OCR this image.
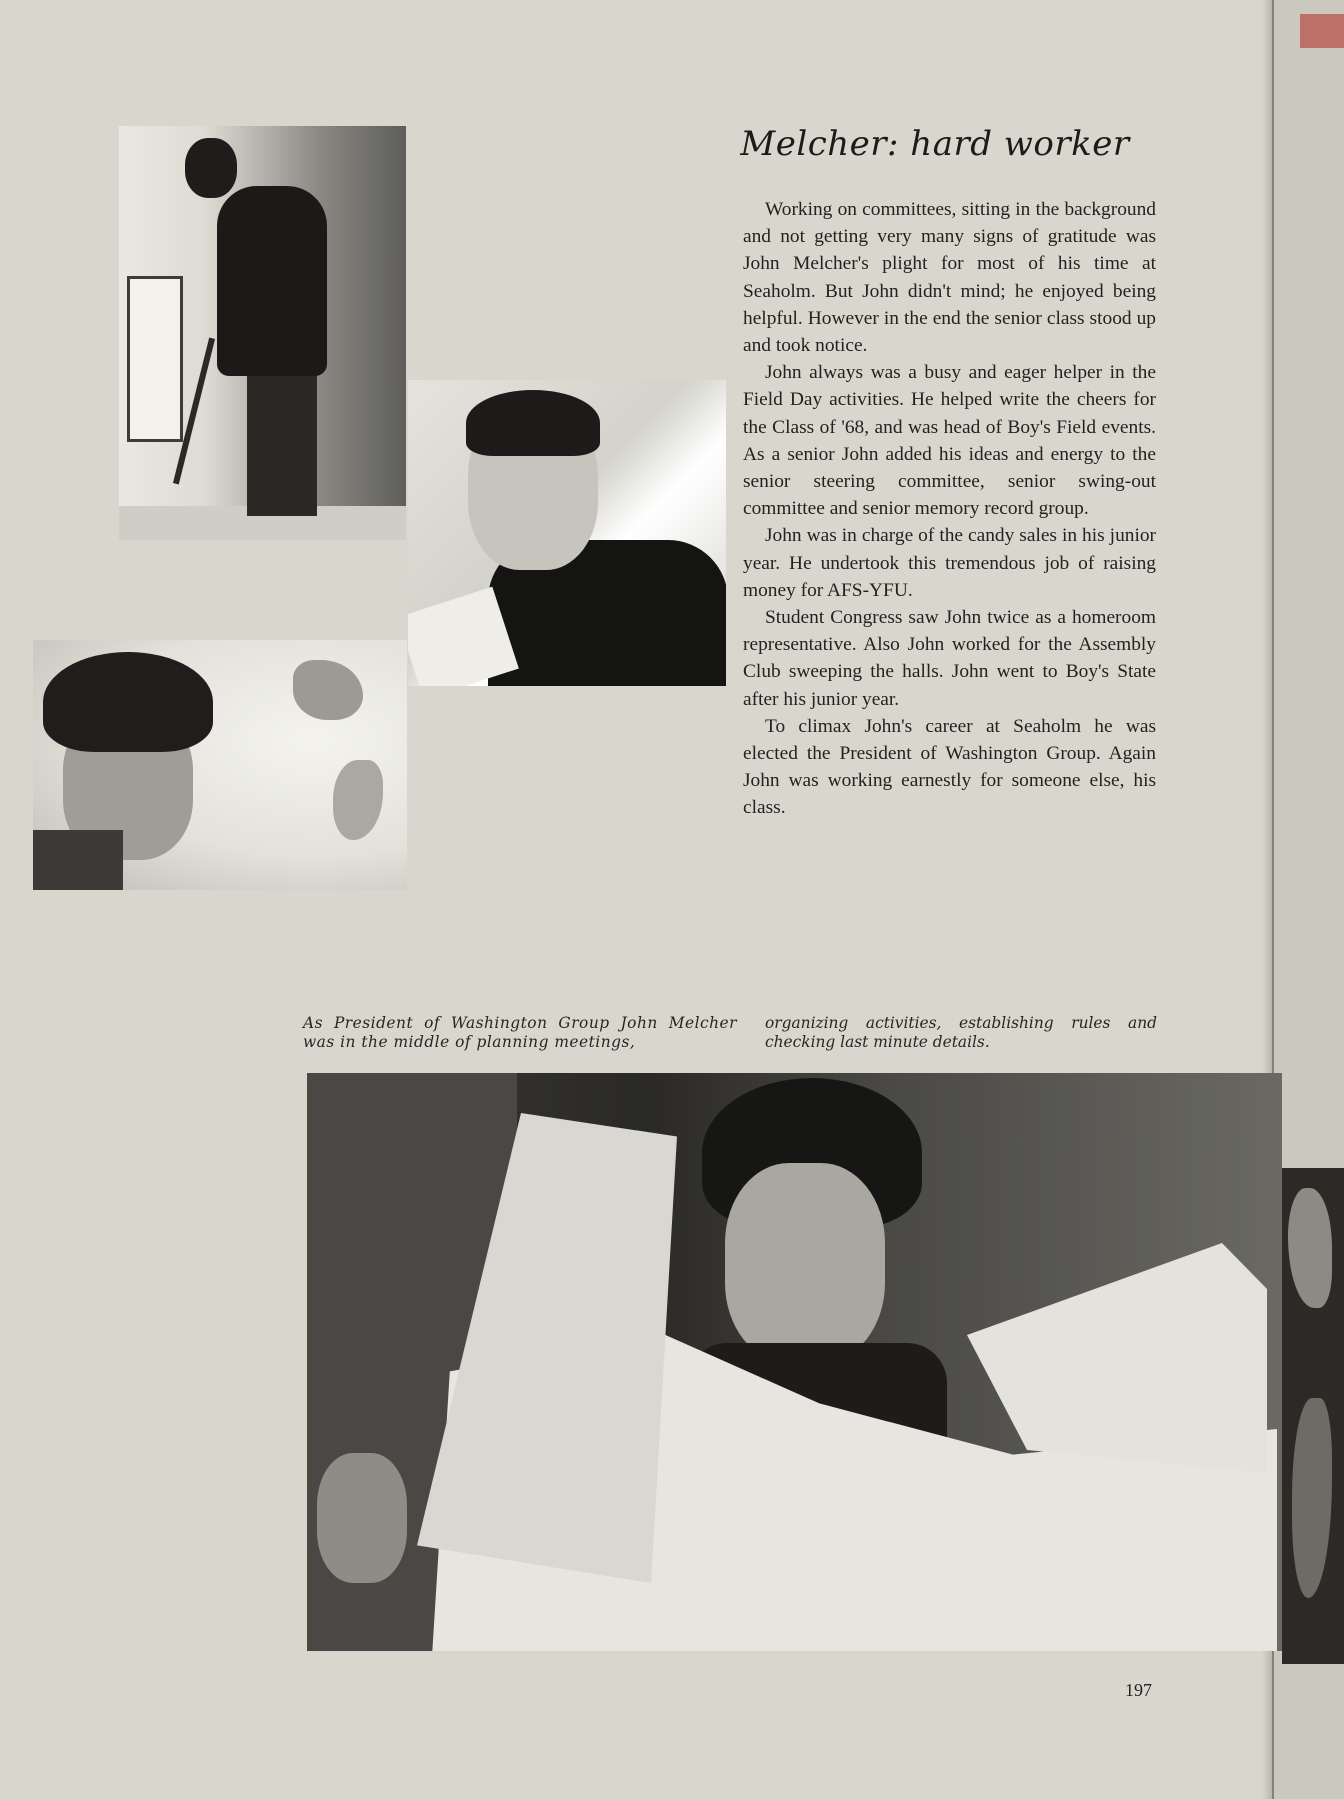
Melcher: hard worker

Working on committees, sitting in the background and not getting very many signs of gratitude was John Melcher's plight for most of his time at Seaholm. But John didn't mind; he enjoyed being helpful. However in the end the senior class stood up and took notice.

John always was a busy and eager helper in the Field Day activities. He helped write the cheers for the Class of '68, and was head of Boy's Field events. As a senior John added his ideas and energy to the senior steering committee, senior swing-out committee and senior memory record group.

John was in charge of the candy sales in his junior year. He undertook this tremendous job of raising money for AFS-YFU.

Student Congress saw John twice as a homeroom representative. Also John worked for the Assembly Club sweeping the halls. John went to Boy's State after his junior year.

To climax John's career at Seaholm he was elected the President of Washington Group. Again John was working earnestly for someone else, his class.

As President of Washington Group John Melcher was in the middle of planning meetings,
organizing activities, establishing rules and checking last minute details.
197
